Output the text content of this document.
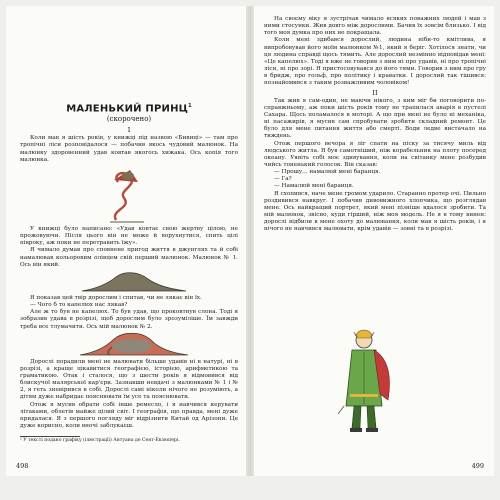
МАЛЕНЬКИЙ ПРИНЦ$^1$
(скорочено)
I

Коли мав я шість років, у книжці під назвою «Бивиці» — там про тропічні ліси розповідалося — побачив якось чудовий малюнок. На малюнку здоровенний удав ковтав якогось хижака. Ось копія того малюнка.

У книжці було написано: «Удав ковтає свою жертву цілою, не прожовуючи. Після цього він не може й ворухнутися, спить цілі півроку, аж поки не перетравить їжу».

Я чимало думав про сповнене пригод життя в джунглях та й собі намалював кольоровим олівцем свій перший малюнок. Малюнок № 1. Ось він який.

Я показав цей твір дорослим і спитав, чи не лякає він їх.

— Чого б то капелюх нас лякав?

Але ж то був не капелюх. То був удав, що проковтнув слона. Тоді я зобразив удава в розрізі, щоб дорослим було зрозуміліше. Їм завжди треба все тлумачити. Ось мій малюнок № 2.

Дорослі порадили мені не малювати більше удавів ні в натурі, ні в розрізі, а краще цікавитися географією, історією, арифметикою та граматикою. Отак і сталося, що з шести років я відмовився від блискучої малярської кар'єри. Зазнавши невдачі з малюнками № 1 і № 2, я геть зневірився в собі. Дорослі самі ніколи нічого не розуміють, а дітям дуже набридає пояснювати їм усе та пояснювати.

Отож я мусив обрати собі інше ремесло, і я навчився керувати літаками, облетів майже цілий світ. І географія, що правда, мені дуже придалася. Я з першого погляду міг відрізнити Китай од Арізони. Це дуже корисно, коли вночі заблукаєш.

¹ У тексті подано графіку (ілюстрації) Антуана де Сент-Екзюпері.

498

На своєму віку я зустрічав чимало всяких поважних людей і мав з ними стосунки. Жив довго між дорослими. Бачив їх зовсім близько. І від того моя думка про них не покращала.

Коли мені здибався дорослий, людина ніби-то кмітлива, я випробовував його моїм малюнком №1, який я беріг. Хотілося знати, чи ця людина справді щось тямить. Але дорослий незмінно відповідав мені: «Це капелюх». Тоді я вже не говорив з ним ні про удавів, ні про тропічні ліси, ні про зорі. Я пристосовувався до його тями. Говорив з ним про гру в бридж, про гольф, про політику і краватки. І дорослий так тішився: познайомився з таким розважливим чоловіком!

II

Так жив я сам-один, не маючи нікого, з ким міг би поговорити по-справжньому, аж поки шість років тому не трапилася аварія в пустелі Сахара. Щось поламалося в моторі. А що при мені не було ні механіка, ні пасажирів, я мусив сам спробувати зробити складний ремонт. Це було для мене питання життя або смерті. Води ледве вистачало на тиждень.

Отож першого вечора я ліг спати на піску за тисячу миль від людського житла. Я був самотніший, ніж корабельник на плоту посеред океану. Уявіть собі моє здивування, коли на світанку мене розбудив чийсь тоненький голосок. Він сказав:

— Прошу... намалюй мені баранця.

— Га?

— Намалюй мені баранця.

Я схопився, наче мене громом ударило. Старанно протер очі. Пильно роздивився навкруг. І побачив дивовижного хлопчика, що розглядав мене. Ось найкращий портрет, який мені пізніше вдалося зробити. Та мій малюнок, звісно, куди гірший, ніж моя модель. Не я в тому винен: дорослі відбили в мене охоту до малювання, коли мав я шість років, і я нічого не навчився малювати, крім удавів — зовні та в розрізі.

499
